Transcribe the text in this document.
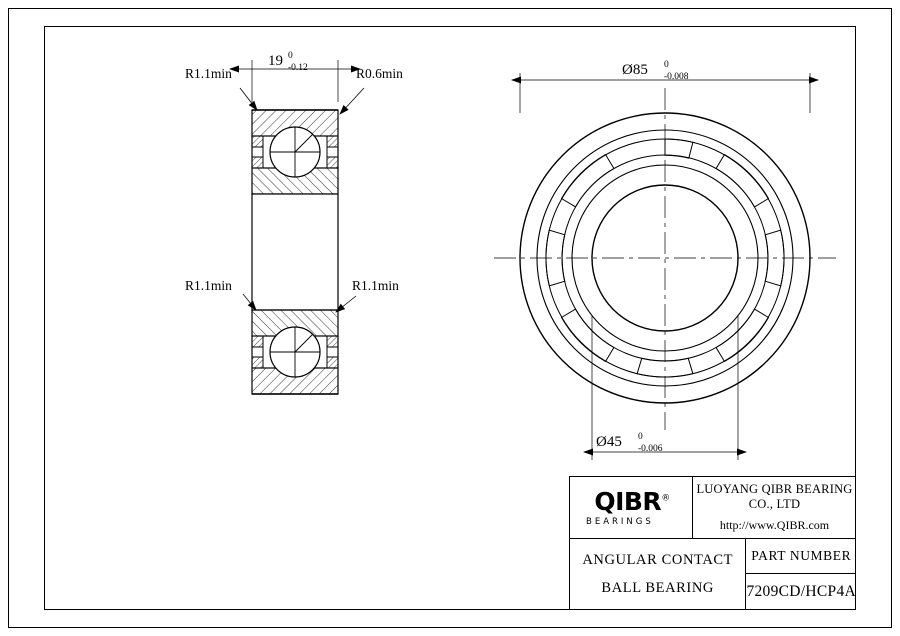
19 0
-0.12
R1.1min	R0.6min
R1.1min	R1.1min
Ø85 0
-0.008
Ø45 0
-0.006
QIBR®
BEARINGS
LUOYANG QIBR BEARING CO., LTD
http://www.QIBR.com
ANGULAR CONTACT
BALL BEARING
PART NUMBER
7209CD/HCP4A
